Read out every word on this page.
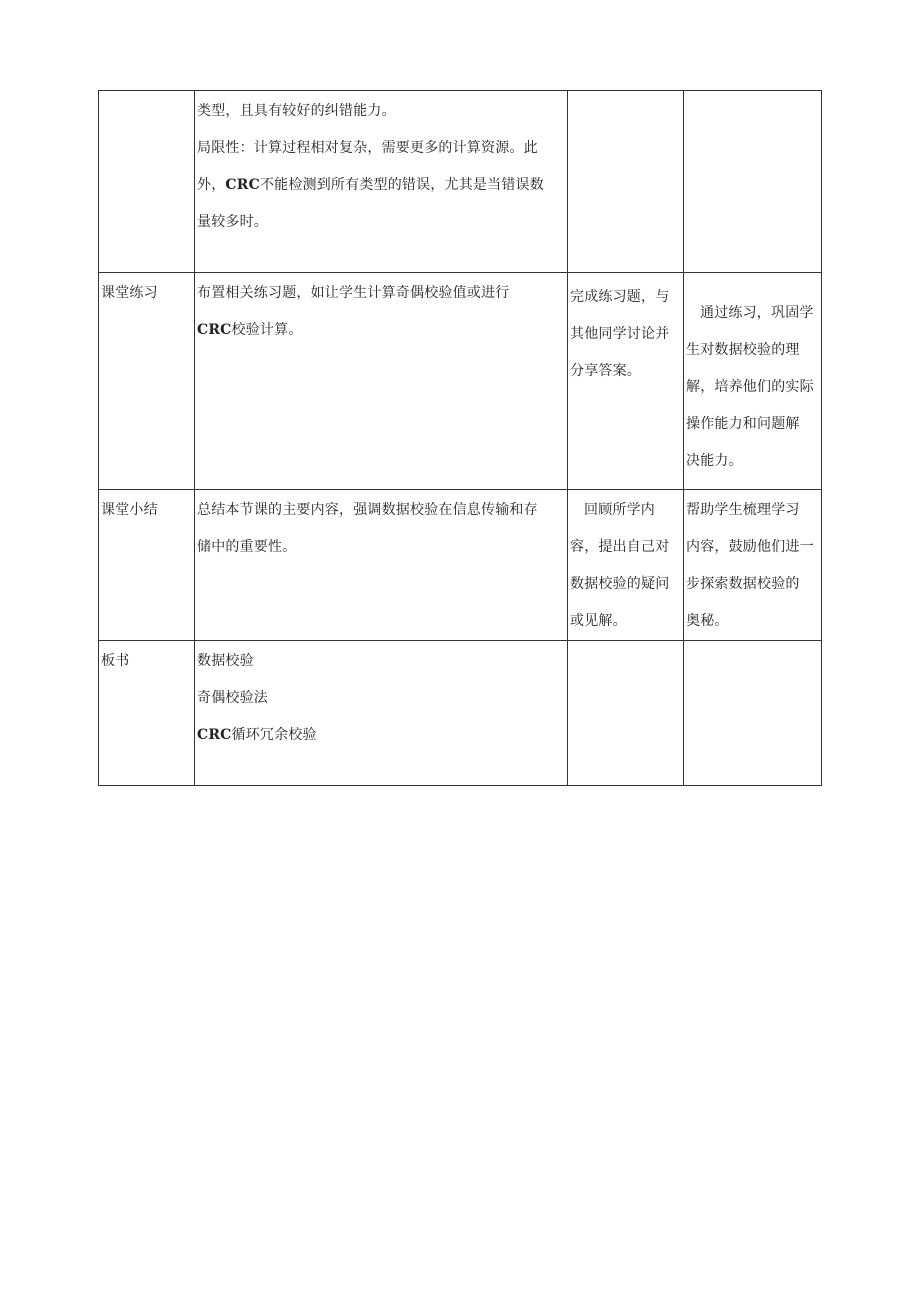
	类型，且具有较好的纠错能力。
局限性：计算过程相对复杂，需要更多的计算资源。此
外，CRC不能检测到所有类型的错误，尤其是当错误数
量较多时。		

课堂练习	布置相关练习题，如让学生计算奇偶校验值或进行
CRC校验计算。	完成练习题，与
其他同学讨论并
分享答案。	通过练习，巩固学
生对数据校验的理
解，培养他们的实际
操作能力和问题解
决能力。

课堂小结	总结本节课的主要内容，强调数据校验在信息传输和存
储中的重要性。	回顾所学内
容，提出自己对
数据校验的疑问
或见解。	帮助学生梳理学习
内容，鼓励他们进一
步探索数据校验的
奥秘。

板书	数据校验
奇偶校验法
CRC循环冗余校验		
